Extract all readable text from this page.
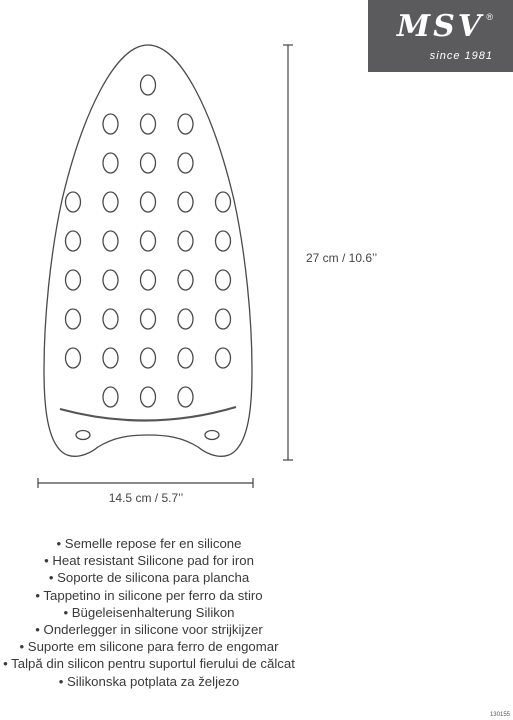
MSV ®
since 1981
27 cm / 10.6’’
14.5 cm / 5.7’’
• Semelle repose fer en silicone
• Heat resistant Silicone pad for iron
• Soporte de silicona para plancha
• Tappetino in silicone per ferro da stiro
• Bügeleisenhalterung Silikon
• Onderlegger in silicone voor strijkijzer
• Suporte em silicone para ferro de engomar
• Talpă din silicon pentru suportul fierului de călcat
• Silikonska potplata za željezo
130155
